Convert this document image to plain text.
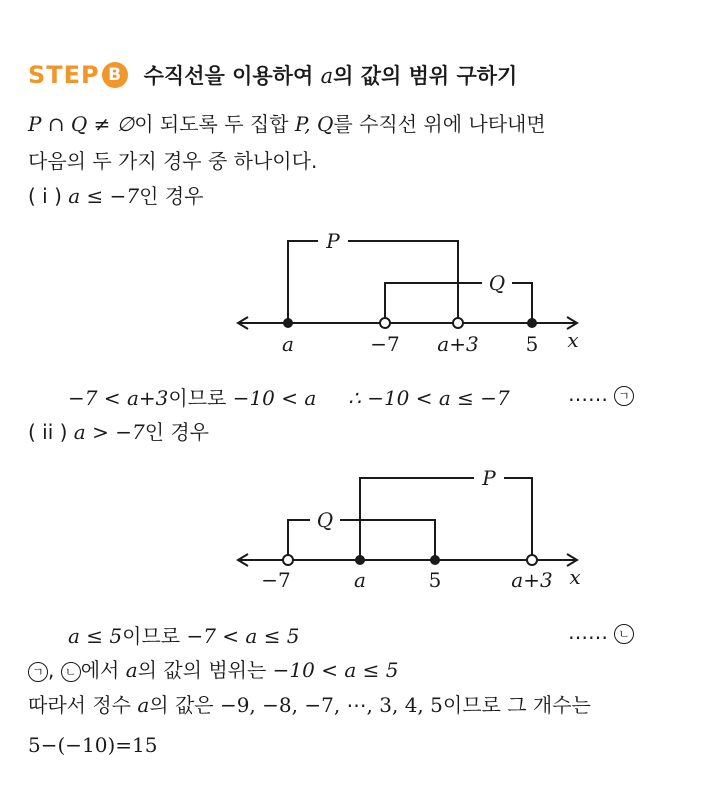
STEP B	수직선을 이용하여 a의 값의 범위 구하기
P ∩ Q ≠ ∅이 되도록 두 집합 P, Q를 수직선 위에 나타내면
다음의 두 가지 경우 중 하나이다.
( i ) a ≤ −7인 경우
P
Q
a	−7 a+3 5 x
−7 < a+3이므로 −10 < a ∴ −10 < a ≤ −7	…… ㄱ
( ii ) a > −7인 경우
P
Q
−7	a	5	a+3 x
a ≤ 5이므로 −7 < a ≤ 5	…… ㄴ
ㄱ , ㄴ 에서 a의 값의 범위는 −10 < a ≤ 5
따라서 정수 a의 값은 −9, −8, −7, ⋯, 3, 4, 5이므로 그 개수는
5−(−10)=15
